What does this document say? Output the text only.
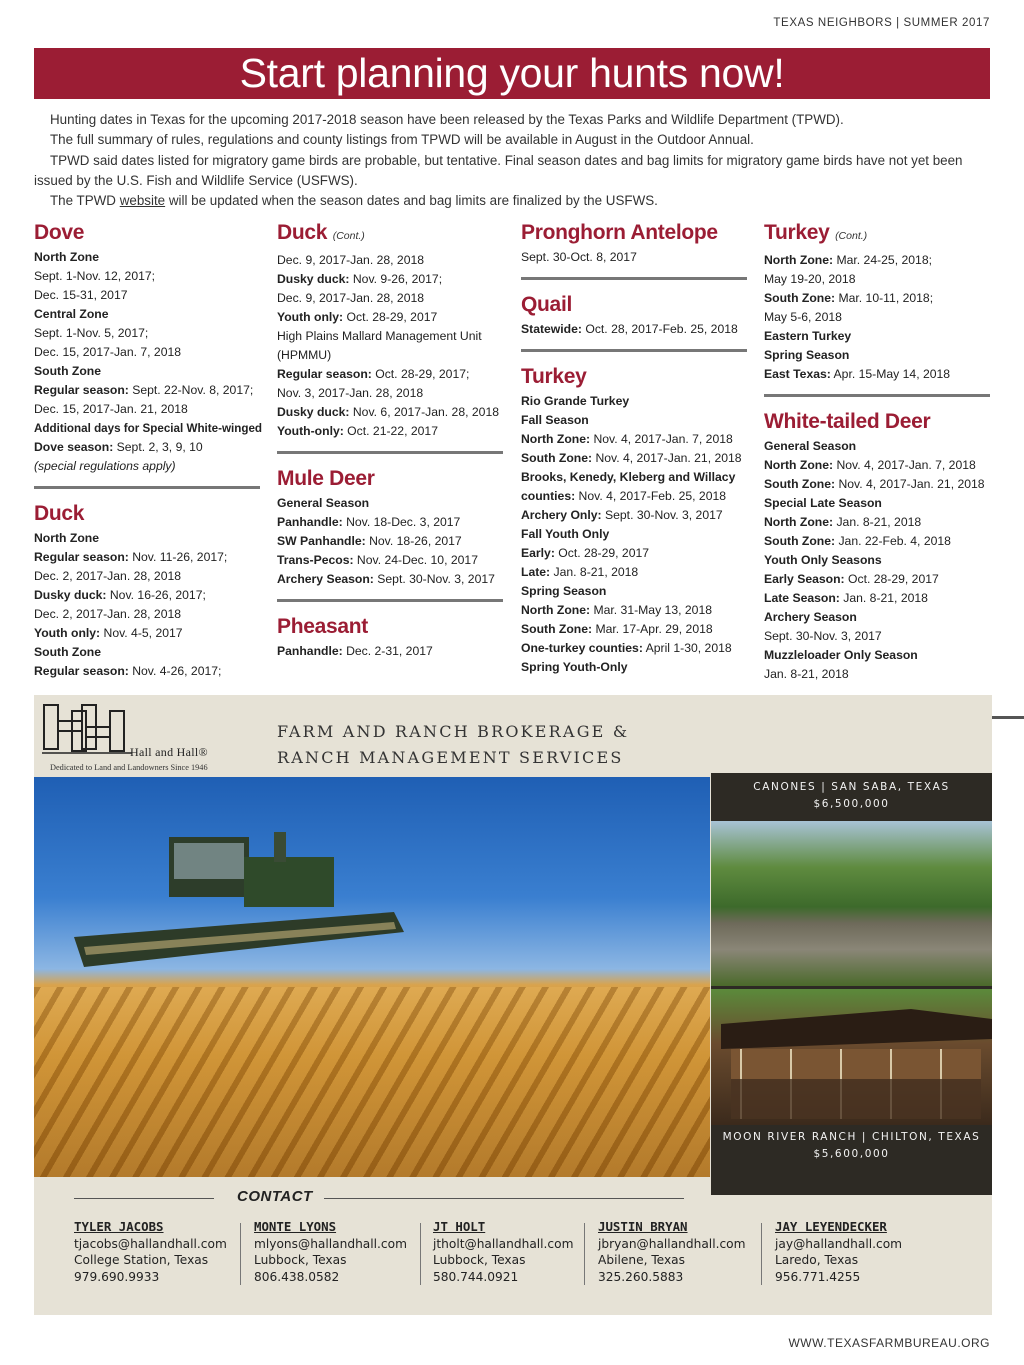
TEXAS NEIGHBORS | SUMMER 2017
Start planning your hunts now!

Hunting dates in Texas for the upcoming 2017-2018 season have been released by the Texas Parks and Wildlife Department (TPWD).

The full summary of rules, regulations and county listings from TPWD will be available in August in the Outdoor Annual.

TPWD said dates listed for migratory game birds are probable, but tentative. Final season dates and bag limits for migratory game birds have not yet been issued by the U.S. Fish and Wildlife Service (USFWS).

The TPWD website will be updated when the season dates and bag limits are finalized by the USFWS.

Dove
North Zone
Sept. 1-Nov. 12, 2017;
Dec. 15-31, 2017
Central Zone
Sept. 1-Nov. 5, 2017;
Dec. 15, 2017-Jan. 7, 2018
South Zone
Regular season: Sept. 22-Nov. 8, 2017;
Dec. 15, 2017-Jan. 21, 2018
Additional days for Special White-winged
Dove season: Sept. 2, 3, 9, 10
(special regulations apply)
Duck
North Zone
Regular season: Nov. 11-26, 2017;
Dec. 2, 2017-Jan. 28, 2018
Dusky duck: Nov. 16-26, 2017;
Dec. 2, 2017-Jan. 28, 2018
Youth only: Nov. 4-5, 2017
South Zone
Regular season: Nov. 4-26, 2017;
Duck (Cont.)
Dec. 9, 2017-Jan. 28, 2018
Dusky duck: Nov. 9-26, 2017;
Dec. 9, 2017-Jan. 28, 2018
Youth only: Oct. 28-29, 2017
High Plains Mallard Management Unit
(HPMMU)
Regular season: Oct. 28-29, 2017;
Nov. 3, 2017-Jan. 28, 2018
Dusky duck: Nov. 6, 2017-Jan. 28, 2018
Youth-only: Oct. 21-22, 2017
Mule Deer
General Season
Panhandle: Nov. 18-Dec. 3, 2017
SW Panhandle: Nov. 18-26, 2017
Trans-Pecos: Nov. 24-Dec. 10, 2017
Archery Season: Sept. 30-Nov. 3, 2017
Pheasant
Panhandle: Dec. 2-31, 2017
Pronghorn Antelope
Sept. 30-Oct. 8, 2017
Quail
Statewide: Oct. 28, 2017-Feb. 25, 2018
Turkey
Rio Grande Turkey
Fall Season
North Zone: Nov. 4, 2017-Jan. 7, 2018
South Zone: Nov. 4, 2017-Jan. 21, 2018
Brooks, Kenedy, Kleberg and Willacy
counties: Nov. 4, 2017-Feb. 25, 2018
Archery Only: Sept. 30-Nov. 3, 2017
Fall Youth Only
Early: Oct. 28-29, 2017
Late: Jan. 8-21, 2018
Spring Season
North Zone: Mar. 31-May 13, 2018
South Zone: Mar. 17-Apr. 29, 2018
One-turkey counties: April 1-30, 2018
Spring Youth-Only
Turkey (Cont.)
North Zone: Mar. 24-25, 2018;
May 19-20, 2018
South Zone: Mar. 10-11, 2018;
May 5-6, 2018
Eastern Turkey
Spring Season
East Texas: Apr. 15-May 14, 2018
White-tailed Deer
General Season
North Zone: Nov. 4, 2017-Jan. 7, 2018
South Zone: Nov. 4, 2017-Jan. 21, 2018
Special Late Season
North Zone: Jan. 8-21, 2018
South Zone: Jan. 22-Feb. 4, 2018
Youth Only Seasons
Early Season: Oct. 28-29, 2017
Late Season: Jan. 8-21, 2018
Archery Season
Sept. 30-Nov. 3, 2017
Muzzleloader Only Season
Jan. 8-21, 2018
Hall and Hall®
Dedicated to Land and Landowners Since 1946
FARM AND RANCH BROKERAGE &
RANCH MANAGEMENT SERVICES
CANONES | SAN SABA, TEXAS
$6,500,000
MOON RIVER RANCH | CHILTON, TEXAS
$5,600,000
CONTACT
TYLER JACOBS
tjacobs@hallandhall.com
College Station, Texas
979.690.9933
MONTE LYONS
mlyons@hallandhall.com
Lubbock, Texas
806.438.0582
JT HOLT
jtholt@hallandhall.com
Lubbock, Texas
580.744.0921
JUSTIN BRYAN
jbryan@hallandhall.com
Abilene, Texas
325.260.5883
JAY LEYENDECKER
jay@hallandhall.com
Laredo, Texas
956.771.4255
WWW.TEXASFARMBUREAU.ORG
